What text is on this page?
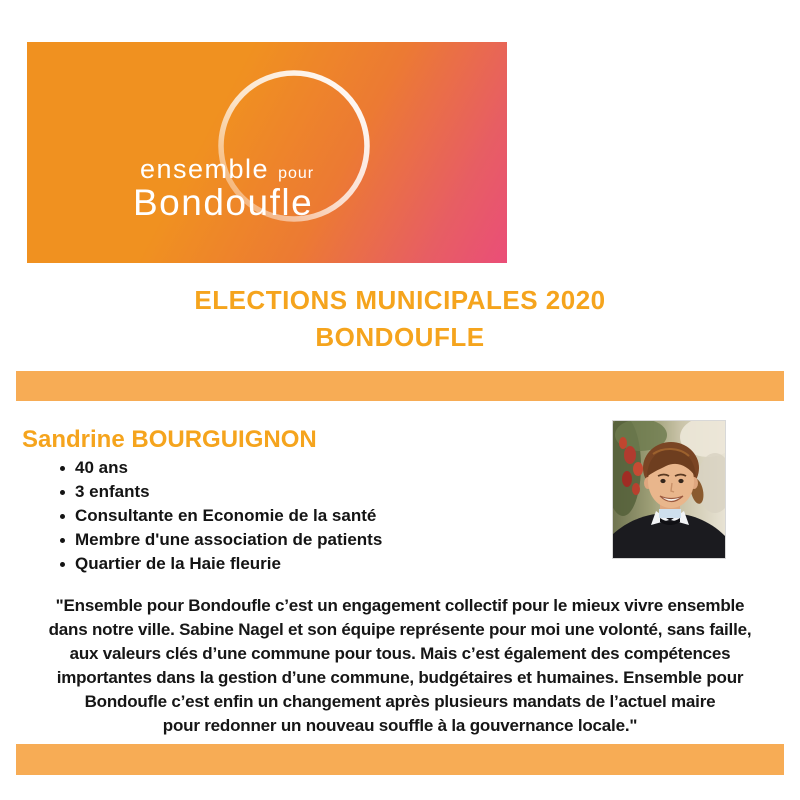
ensemble pour
Bondoufle
ELECTIONS MUNICIPALES 2020
BONDOUFLE
Sandrine BOURGUIGNON
40 ans
3 enfants
Consultante en Economie de la santé
Membre d'une association de patients
Quartier de la Haie fleurie
"Ensemble pour Bondoufle c’est un engagement collectif pour le mieux vivre ensemble
dans notre ville. Sabine Nagel et son équipe représente pour moi une volonté, sans faille,
aux valeurs clés d’une commune pour tous. Mais c’est également des compétences
importantes dans la gestion d’une commune, budgétaires et humaines. Ensemble pour
Bondoufle c’est enfin un changement après plusieurs mandats de l’actuel maire
pour redonner un nouveau souffle à la gouvernance locale."
